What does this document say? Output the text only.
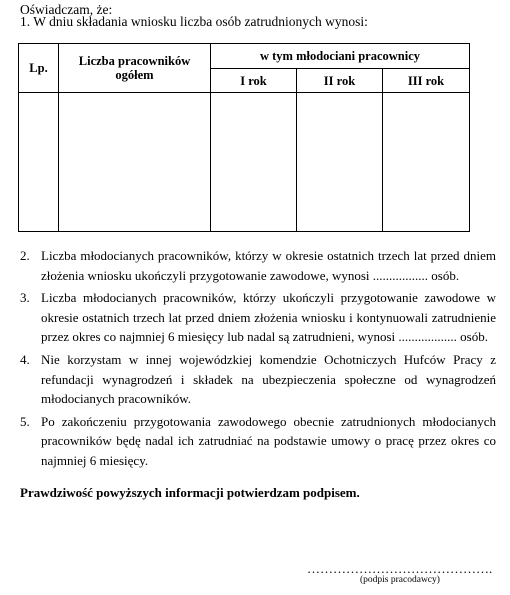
Oświadczam, że:
1. W dniu składania wniosku liczba osób zatrudnionych wynosi:
Lp.	Liczba pracowników ogółem	w tym młodociani pracownicy		
		I rok	II rok	III rok

2. Liczba młodocianych pracowników, którzy w okresie ostatnich trzech lat przed dniem złożenia wniosku ukończyli przygotowanie zawodowe, wynosi ................. osób.
3. Liczba młodocianych pracowników, którzy ukończyli przygotowanie zawodowe w okresie ostatnich trzech lat przed dniem złożenia wniosku i kontynuowali zatrudnienie przez okres co najmniej 6 miesięcy lub nadal są zatrudnieni, wynosi .................. osób.
4. Nie korzystam w innej wojewódzkiej komendzie Ochotniczych Hufców Pracy z refundacji wynagrodzeń i składek na ubezpieczenia społeczne od wynagrodzeń młodocianych pracowników.
5. Po zakończeniu przygotowania zawodowego obecnie zatrudnionych młodocianych pracowników będę nadal ich zatrudniać na podstawie umowy o pracę przez okres co najmniej 6 miesięcy.
Prawdziwość powyższych informacji potwierdzam podpisem.
…………………………………….
(podpis pracodawcy)
